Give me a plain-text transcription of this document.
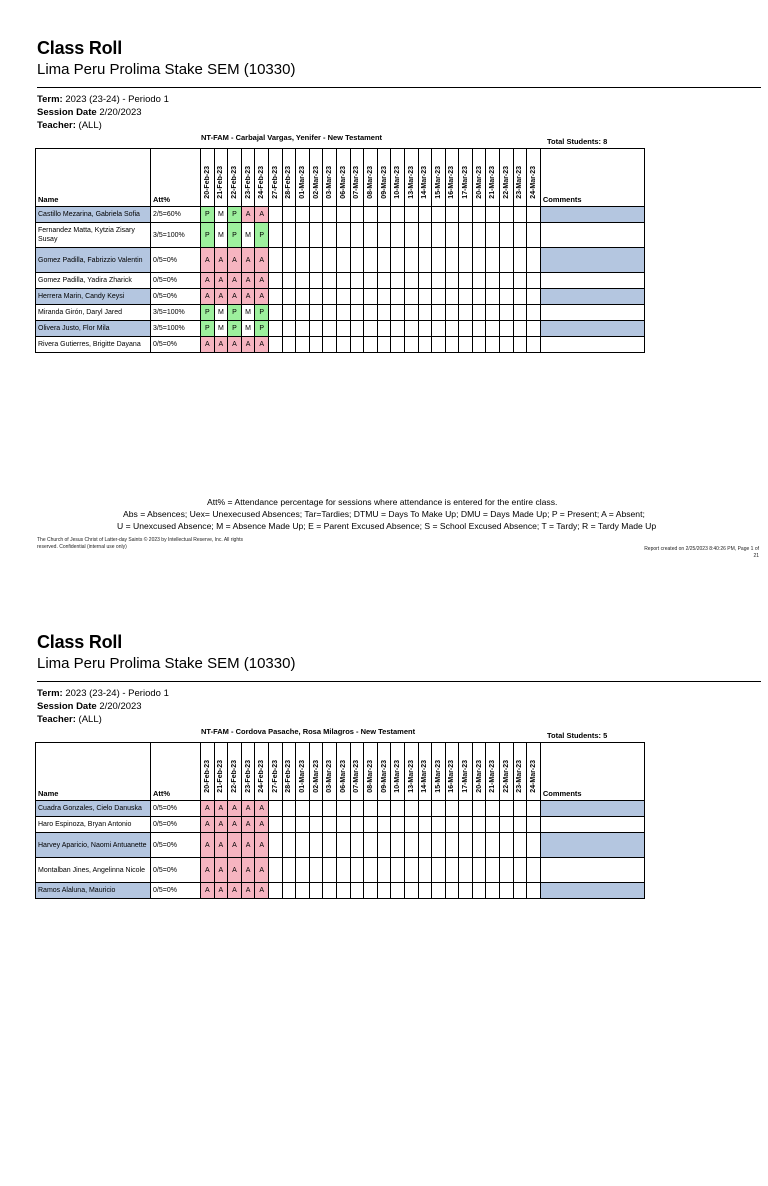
Class Roll
Lima Peru Prolima Stake SEM (10330)
Term: 2023 (23-24) - Periodo 1
Session Date 2/20/2023
Teacher: (ALL)
NT-FAM - Carbajal Vargas, Yenifer - New Testament	Total Students: 8
Name	Att%	20-Feb-23	21-Feb-23	22-Feb-23	23-Feb-23	24-Feb-23	27-Feb-23	28-Feb-23	01-Mar-23	02-Mar-23	03-Mar-23	06-Mar-23	07-Mar-23	08-Mar-23	09-Mar-23	10-Mar-23	13-Mar-23	14-Mar-23	15-Mar-23	16-Mar-23	17-Mar-23	20-Mar-23	21-Mar-23	22-Mar-23	23-Mar-23	24-Mar-23	Comments
Castillo Mezarina, Gabriela Sofia	2/5=60%	P	M	P	A	A																					
Fernandez Matta, Kytzia Zisary Susay	3/5=100%	P	M	P	M	P																					
Gomez Padilla, Fabrizzio Valentin	0/5=0%	A	A	A	A	A																					
Gomez Padilla, Yadira Zharick	0/5=0%	A	A	A	A	A																					
Herrera Marin, Candy Keysi	0/5=0%	A	A	A	A	A																					
Miranda Girón, Daryl Jared	3/5=100%	P	M	P	M	P																					
Olivera Justo, Flor Mila	3/5=100%	P	M	P	M	P																					
Rivera Gutierres, Brigitte Dayana	0/5=0%	A	A	A	A	A																					
Att% = Attendance percentage for sessions where attendance is entered for the entire class.
Abs = Absences; Uex= Unexecused Absences; Tar=Tardies; DTMU = Days To Make Up; DMU = Days Made Up; P = Present; A = Absent;
U = Unexcused Absence; M = Absence Made Up; E = Parent Excused Absence; S = School Excused Absence; T = Tardy; R = Tardy Made Up
The Church of Jesus Christ of Latter-day Saints © 2023 by Intellectual Reserve, Inc. All rights reserved. Confidential (internal use only)	Report created on 2/25/2023 8:40:26 PM, Page 1 of 21
Class Roll
Lima Peru Prolima Stake SEM (10330)
Term: 2023 (23-24) - Periodo 1
Session Date 2/20/2023
Teacher: (ALL)
NT-FAM - Cordova Pasache, Rosa Milagros - New Testament	Total Students: 5
Name	Att%	20-Feb-23	21-Feb-23	22-Feb-23	23-Feb-23	24-Feb-23	27-Feb-23	28-Feb-23	01-Mar-23	02-Mar-23	03-Mar-23	06-Mar-23	07-Mar-23	08-Mar-23	09-Mar-23	10-Mar-23	13-Mar-23	14-Mar-23	15-Mar-23	16-Mar-23	17-Mar-23	20-Mar-23	21-Mar-23	22-Mar-23	23-Mar-23	24-Mar-23	Comments
Cuadra Gonzales, Cielo Danuska	0/5=0%	A	A	A	A	A																					
Haro Espinoza, Bryan Antonio	0/5=0%	A	A	A	A	A																					
Harvey Aparicio, Naomi Antuanette	0/5=0%	A	A	A	A	A																					
Montalban Jines, Angelinna Nicole	0/5=0%	A	A	A	A	A																					
Ramos Alaluna, Mauricio	0/5=0%	A	A	A	A	A																					
